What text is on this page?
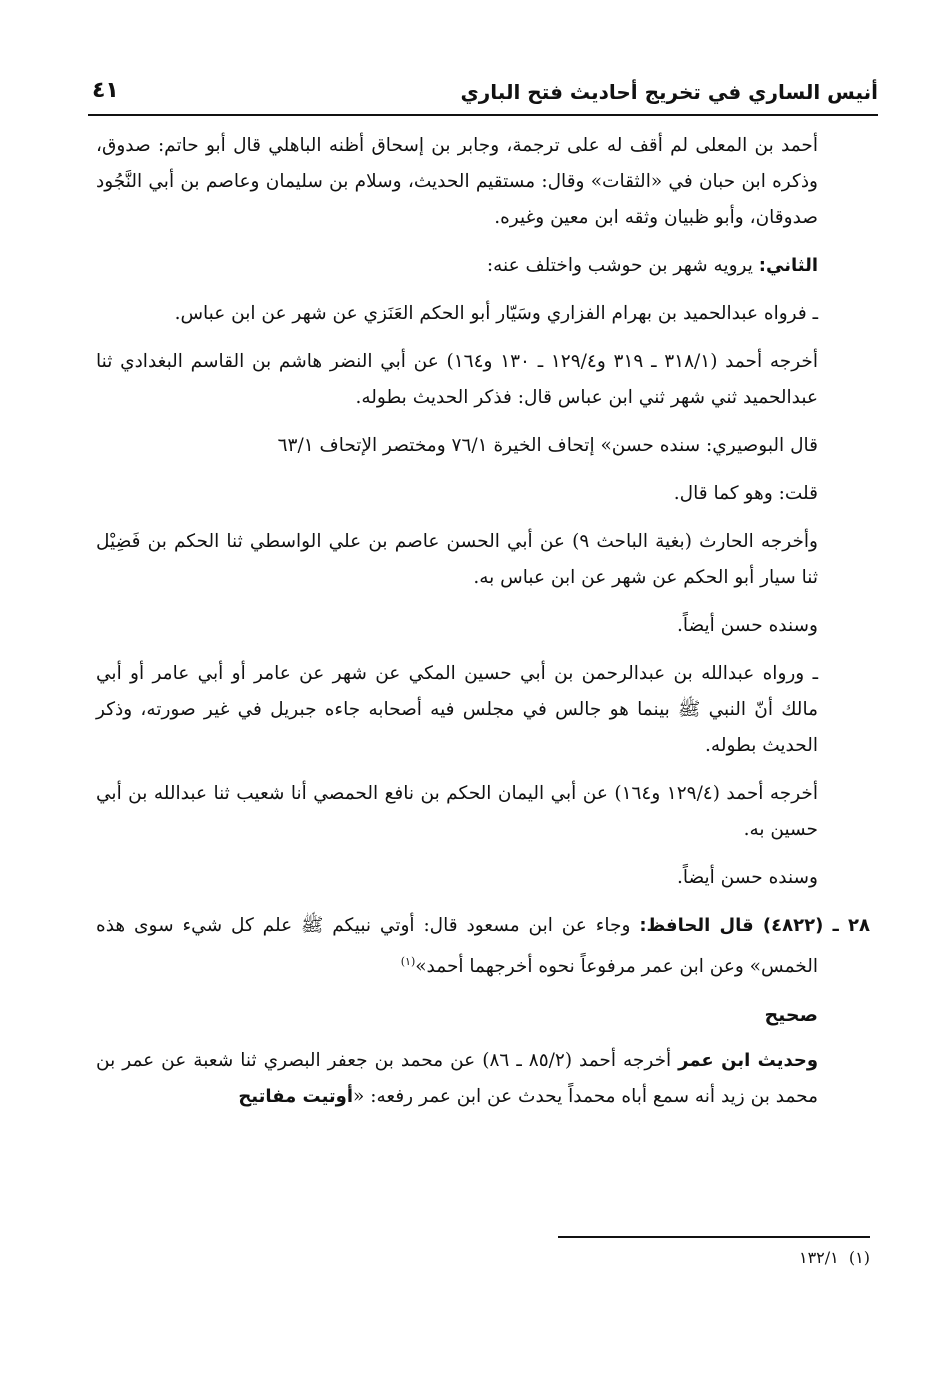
أنيس الساري في تخريج أحاديث فتح الباري
٤١

أحمد بن المعلى لم أقف له على ترجمة، وجابر بن إسحاق أظنه الباهلي قال أبو حاتم: صدوق، وذكره ابن حبان في «الثقات» وقال: مستقيم الحديث، وسلام بن سليمان وعاصم بن أبي النَّجُود صدوقان، وأبو ظبيان وثقه ابن معين وغيره.

الثاني: يرويه شهر بن حوشب واختلف عنه:

ـ فرواه عبدالحميد بن بهرام الفزاري وسَيّار أبو الحكم العَنَزي عن شهر عن ابن عباس.

أخرجه أحمد (٣١٨/١ ـ ٣١٩ و١٢٩/٤ ـ ١٣٠ و١٦٤) عن أبي النضر هاشم بن القاسم البغدادي ثنا عبدالحميد ثني شهر ثني ابن عباس قال: فذكر الحديث بطوله.

قال البوصيري: سنده حسن» إتحاف الخيرة ٧٦/١ ومختصر الإتحاف ٦٣/١

قلت: وهو كما قال.

وأخرجه الحارث (بغية الباحث ٩) عن أبي الحسن عاصم بن علي الواسطي ثنا الحكم بن فَضِيْل ثنا سيار أبو الحكم عن شهر عن ابن عباس به.

وسنده حسن أيضاً.

ـ ورواه عبدالله بن عبدالرحمن بن أبي حسين المكي عن شهر عن عامر أو أبي عامر أو أبي مالك أنّ النبي ﷺ بينما هو جالس في مجلس فيه أصحابه جاءه جبريل في غير صورته، وذكر الحديث بطوله.

أخرجه أحمد (١٢٩/٤ و١٦٤) عن أبي اليمان الحكم بن نافع الحمصي أنا شعيب ثنا عبدالله بن أبي حسين به.

وسنده حسن أيضاً.

٢٨ ـ (٤٨٢٢) قال الحافظ: وجاء عن ابن مسعود قال: أوتي نبيكم ﷺ علم كل شيء سوى هذه الخمس» وعن ابن عمر مرفوعاً نحوه أخرجهما أحمد»$^{(١)}$

صحيح

وحديث ابن عمر أخرجه أحمد (٨٥/٢ ـ ٨٦) عن محمد بن جعفر البصري ثنا شعبة عن عمر بن محمد بن زيد أنه سمع أباه محمداً يحدث عن ابن عمر رفعه: «أوتيت مفاتيح

(١)  ١٣٢/١
